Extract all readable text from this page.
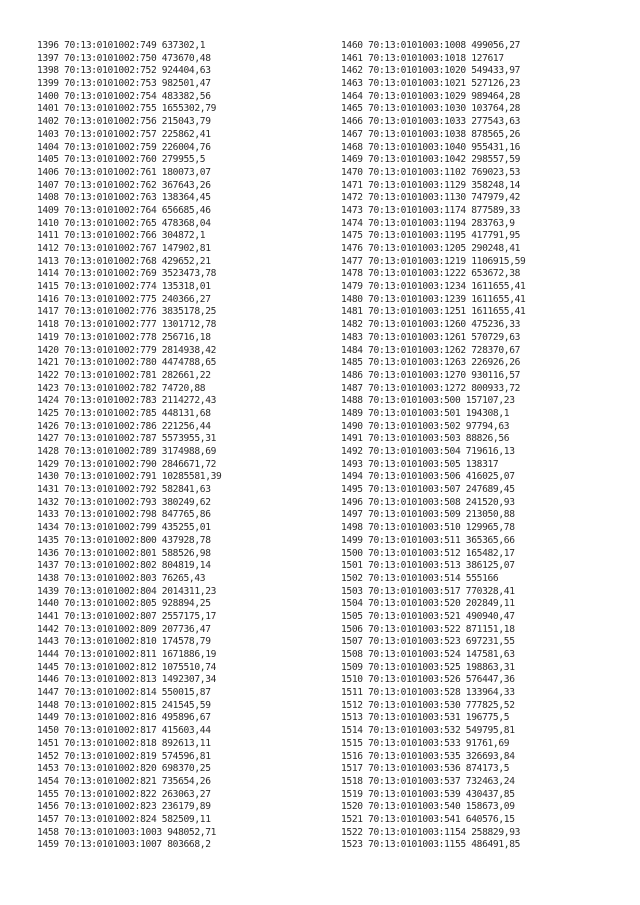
1396 70:13:0101002:749 637302,1
1397 70:13:0101002:750 473670,48
1398 70:13:0101002:752 924404,63
1399 70:13:0101002:753 982501,47
1400 70:13:0101002:754 483382,56
1401 70:13:0101002:755 1655302,79
1402 70:13:0101002:756 215043,79
1403 70:13:0101002:757 225862,41
1404 70:13:0101002:759 226004,76
1405 70:13:0101002:760 279955,5
1406 70:13:0101002:761 180073,07
1407 70:13:0101002:762 367643,26
1408 70:13:0101002:763 138364,45
1409 70:13:0101002:764 656685,46
1410 70:13:0101002:765 478368,04
1411 70:13:0101002:766 304872,1
1412 70:13:0101002:767 147902,81
1413 70:13:0101002:768 429652,21
1414 70:13:0101002:769 3523473,78
1415 70:13:0101002:774 135318,01
1416 70:13:0101002:775 240366,27
1417 70:13:0101002:776 3835178,25
1418 70:13:0101002:777 1301712,78
1419 70:13:0101002:778 256716,18
1420 70:13:0101002:779 2814938,42
1421 70:13:0101002:780 4474788,65
1422 70:13:0101002:781 282661,22
1423 70:13:0101002:782 74720,88
1424 70:13:0101002:783 2114272,43
1425 70:13:0101002:785 448131,68
1426 70:13:0101002:786 221256,44
1427 70:13:0101002:787 5573955,31
1428 70:13:0101002:789 3174988,69
1429 70:13:0101002:790 2846671,72
1430 70:13:0101002:791 10285581,39
1431 70:13:0101002:792 582841,63
1432 70:13:0101002:793 380249,62
1433 70:13:0101002:798 847765,86
1434 70:13:0101002:799 435255,01
1435 70:13:0101002:800 437928,78
1436 70:13:0101002:801 588526,98
1437 70:13:0101002:802 804819,14
1438 70:13:0101002:803 76265,43
1439 70:13:0101002:804 2014311,23
1440 70:13:0101002:805 928894,25
1441 70:13:0101002:807 2557175,17
1442 70:13:0101002:809 207736,47
1443 70:13:0101002:810 174578,79
1444 70:13:0101002:811 1671886,19
1445 70:13:0101002:812 1075510,74
1446 70:13:0101002:813 1492307,34
1447 70:13:0101002:814 550015,87
1448 70:13:0101002:815 241545,59
1449 70:13:0101002:816 495896,67
1450 70:13:0101002:817 415603,44
1451 70:13:0101002:818 892613,11
1452 70:13:0101002:819 574596,81
1453 70:13:0101002:820 698370,25
1454 70:13:0101002:821 735654,26
1455 70:13:0101002:822 263063,27
1456 70:13:0101002:823 236179,89
1457 70:13:0101002:824 582509,11
1458 70:13:0101003:1003 948052,71
1459 70:13:0101003:1007 803668,2
1460 70:13:0101003:1008 499056,27
1461 70:13:0101003:1018 127617
1462 70:13:0101003:1020 549433,97
1463 70:13:0101003:1021 527126,23
1464 70:13:0101003:1029 989464,28
1465 70:13:0101003:1030 103764,28
1466 70:13:0101003:1033 277543,63
1467 70:13:0101003:1038 878565,26
1468 70:13:0101003:1040 955431,16
1469 70:13:0101003:1042 298557,59
1470 70:13:0101003:1102 769023,53
1471 70:13:0101003:1129 358248,14
1472 70:13:0101003:1130 747979,42
1473 70:13:0101003:1174 877589,33
1474 70:13:0101003:1194 283763,9
1475 70:13:0101003:1195 417791,95
1476 70:13:0101003:1205 290248,41
1477 70:13:0101003:1219 1106915,59
1478 70:13:0101003:1222 653672,38
1479 70:13:0101003:1234 1611655,41
1480 70:13:0101003:1239 1611655,41
1481 70:13:0101003:1251 1611655,41
1482 70:13:0101003:1260 475236,33
1483 70:13:0101003:1261 570729,63
1484 70:13:0101003:1262 728370,67
1485 70:13:0101003:1263 226926,26
1486 70:13:0101003:1270 930116,57
1487 70:13:0101003:1272 800933,72
1488 70:13:0101003:500 157107,23
1489 70:13:0101003:501 194308,1
1490 70:13:0101003:502 97794,63
1491 70:13:0101003:503 88826,56
1492 70:13:0101003:504 719616,13
1493 70:13:0101003:505 138317
1494 70:13:0101003:506 416025,07
1495 70:13:0101003:507 247689,45
1496 70:13:0101003:508 241520,93
1497 70:13:0101003:509 213050,88
1498 70:13:0101003:510 129965,78
1499 70:13:0101003:511 365365,66
1500 70:13:0101003:512 165482,17
1501 70:13:0101003:513 386125,07
1502 70:13:0101003:514 555166
1503 70:13:0101003:517 770328,41
1504 70:13:0101003:520 202849,11
1505 70:13:0101003:521 490940,47
1506 70:13:0101003:522 871151,18
1507 70:13:0101003:523 697231,55
1508 70:13:0101003:524 147581,63
1509 70:13:0101003:525 198863,31
1510 70:13:0101003:526 576447,36
1511 70:13:0101003:528 133964,33
1512 70:13:0101003:530 777825,52
1513 70:13:0101003:531 196775,5
1514 70:13:0101003:532 549795,81
1515 70:13:0101003:533 91761,69
1516 70:13:0101003:535 326693,84
1517 70:13:0101003:536 874173,5
1518 70:13:0101003:537 732463,24
1519 70:13:0101003:539 430437,85
1520 70:13:0101003:540 158673,09
1521 70:13:0101003:541 640576,15
1522 70:13:0101003:1154 258829,93
1523 70:13:0101003:1155 486491,85
